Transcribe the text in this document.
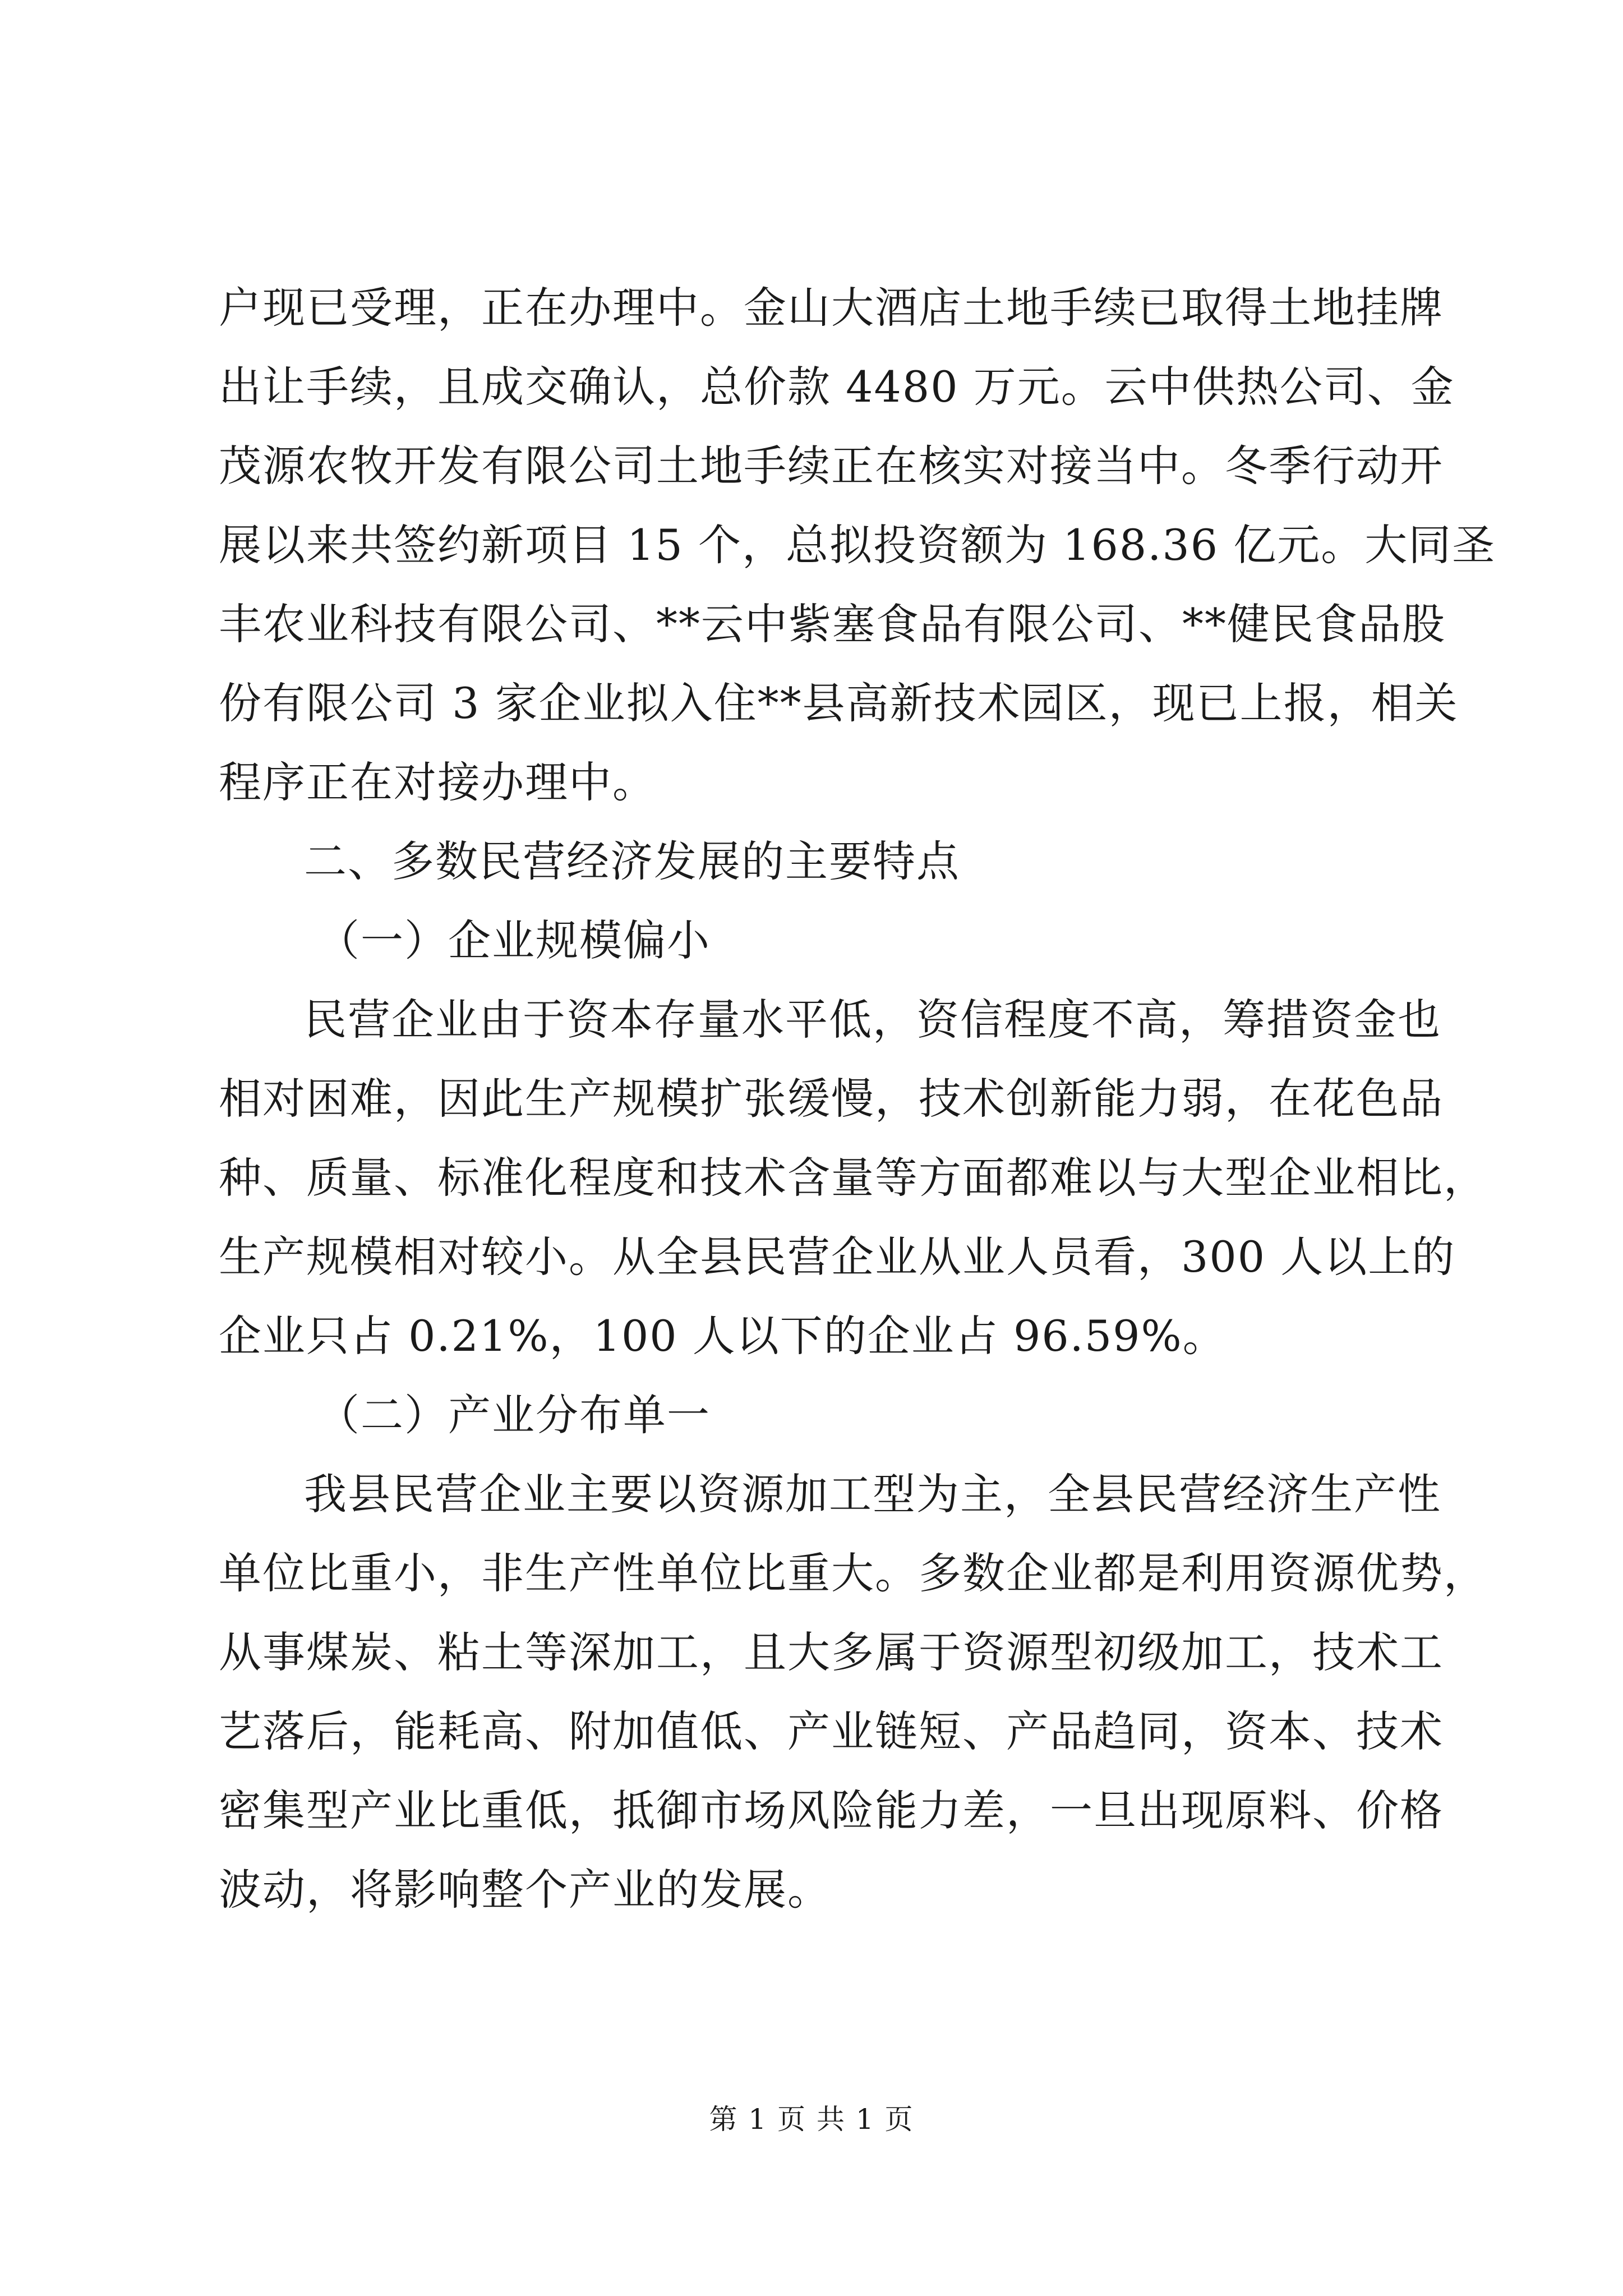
户现已受理，正在办理中。金山大酒店土地手续已取得土地挂牌
出让手续，且成交确认，总价款 4480 万元。云中供热公司、金
茂源农牧开发有限公司土地手续正在核实对接当中。冬季行动开
展以来共签约新项目 15 个，总拟投资额为 168.36 亿元。大同圣
丰农业科技有限公司、**云中紫塞食品有限公司、**健民食品股
份有限公司 3 家企业拟入住**县高新技术园区，现已上报，相关
程序正在对接办理中。
二、多数民营经济发展的主要特点
（一）企业规模偏小
民营企业由于资本存量水平低，资信程度不高，筹措资金也
相对困难，因此生产规模扩张缓慢，技术创新能力弱，在花色品
种、质量、标准化程度和技术含量等方面都难以与大型企业相比，
生产规模相对较小。从全县民营企业从业人员看，300 人以上的
企业只占 0.21%，100 人以下的企业占 96.59%。
（二）产业分布单一
我县民营企业主要以资源加工型为主，全县民营经济生产性
单位比重小，非生产性单位比重大。多数企业都是利用资源优势，
从事煤炭、粘土等深加工，且大多属于资源型初级加工，技术工
艺落后，能耗高、附加值低、产业链短、产品趋同，资本、技术
密集型产业比重低，抵御市场风险能力差，一旦出现原料、价格
波动，将影响整个产业的发展。
第 1 页 共 1 页
